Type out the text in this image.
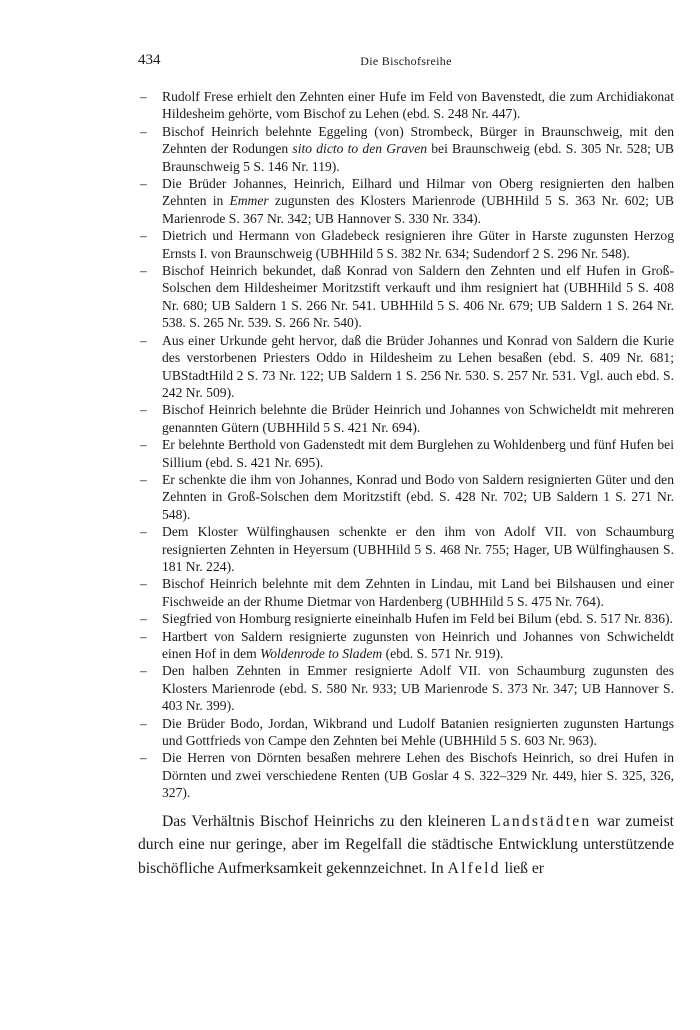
434	Die Bischofsreihe
– Rudolf Frese erhielt den Zehnten einer Hufe im Feld von Bavenstedt, die zum Archidiakonat Hildesheim gehörte, vom Bischof zu Lehen (ebd. S. 248 Nr. 447).
– Bischof Heinrich belehnte Eggeling (von) Strombeck, Bürger in Braunschweig, mit den Zehnten der Rodungen sito dicto to den Graven bei Braunschweig (ebd. S. 305 Nr. 528; UB Braunschweig 5 S. 146 Nr. 119).
– Die Brüder Johannes, Heinrich, Eilhard und Hilmar von Oberg resignierten den halben Zehnten in Emmer zugunsten des Klosters Marienrode (UBHHild 5 S. 363 Nr. 602; UB Marienrode S. 367 Nr. 342; UB Hannover S. 330 Nr. 334).
– Dietrich und Hermann von Gladebeck resignieren ihre Güter in Harste zugunsten Herzog Ernsts I. von Braunschweig (UBHHild 5 S. 382 Nr. 634; Sudendorf 2 S. 296 Nr. 548).
– Bischof Heinrich bekundet, daß Konrad von Saldern den Zehnten und elf Hufen in Groß-Solschen dem Hildesheimer Moritzstift verkauft und ihm resigniert hat (UBHHild 5 S. 408 Nr. 680; UB Saldern 1 S. 266 Nr. 541. UBHHild 5 S. 406 Nr. 679; UB Saldern 1 S. 264 Nr. 538. S. 265 Nr. 539. S. 266 Nr. 540).
– Aus einer Urkunde geht hervor, daß die Brüder Johannes und Konrad von Saldern die Kurie des verstorbenen Priesters Oddo in Hildesheim zu Lehen besaßen (ebd. S. 409 Nr. 681; UBStadtHild 2 S. 73 Nr. 122; UB Saldern 1 S. 256 Nr. 530. S. 257 Nr. 531. Vgl. auch ebd. S. 242 Nr. 509).
– Bischof Heinrich belehnte die Brüder Heinrich und Johannes von Schwicheldt mit mehreren genannten Gütern (UBHHild 5 S. 421 Nr. 694).
– Er belehnte Berthold von Gadenstedt mit dem Burglehen zu Wohldenberg und fünf Hufen bei Sillium (ebd. S. 421 Nr. 695).
– Er schenkte die ihm von Johannes, Konrad und Bodo von Saldern resignierten Güter und den Zehnten in Groß-Solschen dem Moritzstift (ebd. S. 428 Nr. 702; UB Saldern 1 S. 271 Nr. 548).
– Dem Kloster Wülfinghausen schenkte er den ihm von Adolf VII. von Schaumburg resignierten Zehnten in Heyersum (UBHHild 5 S. 468 Nr. 755; Hager, UB Wülfinghausen S. 181 Nr. 224).
– Bischof Heinrich belehnte mit dem Zehnten in Lindau, mit Land bei Bilshausen und einer Fischweide an der Rhume Dietmar von Hardenberg (UBHHild 5 S. 475 Nr. 764).
– Siegfried von Homburg resignierte eineinhalb Hufen im Feld bei Bilum (ebd. S. 517 Nr. 836).
– Hartbert von Saldern resignierte zugunsten von Heinrich und Johannes von Schwicheldt einen Hof in dem Woldenrode to Sladem (ebd. S. 571 Nr. 919).
– Den halben Zehnten in Emmer resignierte Adolf VII. von Schaumburg zugunsten des Klosters Marienrode (ebd. S. 580 Nr. 933; UB Marienrode S. 373 Nr. 347; UB Hannover S. 403 Nr. 399).
– Die Brüder Bodo, Jordan, Wikbrand und Ludolf Batanien resignierten zugunsten Hartungs und Gottfrieds von Campe den Zehnten bei Mehle (UBHHild 5 S. 603 Nr. 963).
– Die Herren von Dörnten besaßen mehrere Lehen des Bischofs Heinrich, so drei Hufen in Dörnten und zwei verschiedene Renten (UB Goslar 4 S. 322–329 Nr. 449, hier S. 325, 326, 327).

Das Verhältnis Bischof Heinrichs zu den kleineren Landstädten war zumeist durch eine nur geringe, aber im Regelfall die städtische Entwicklung unterstützende bischöfliche Aufmerksamkeit gekennzeichnet. In Alfeld ließ er
